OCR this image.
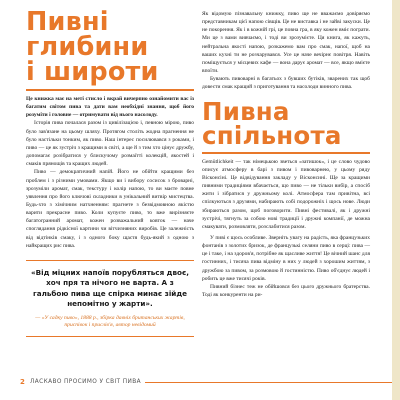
Пивні
глибини
і широти

Це книжка має на меті стисло і вкрай вичерпно ознайомити вас із багатим світом пива та дати вам необхідні знання, щоб його розуміти і головне — отримувати від нього насолоду.

Історія пива почалася разом із цивілізацією і, певною мірою, пиво було зав'язане на цьому шляху. Протягом століть жодна прагнення не було настільки тонким, як пиво. Наш інтерес посилювався з роками, і пиво — це як зустріч з кращими в світі, а ще й з тим хто цінує дружбу, допомагає розібратися у блискучому розмаїтті колекцій, якостей і смаків прянощів та кращих людей.

Пиво — демократичний напій. Його не обійти кращими без проблем і з різними умовами. Якщо ви і вибору сосисок з броварні, зрозуміли аромат, смак, текстуру і колір напою, то ви маєте повне уявлення про його ключові складники в унікальний витвір мистецтва. Будь-хто з хімічним натхненням: прагнете з безвідмовною якістю варити прекрасне пиво. Коли купуєте пиво, то вже вирізняєте багатогранний аромат, кожен розважальний ковток — наче споглядання рідкісної картини чи вітчизняних виробів. Це залежність від відтінків смаку, і з одного боку щастя будь-який з одною з найкращих рис пива.

«Від міцних напоїв порубляться двоє, хоч пря та нічого не варта. А з гальбою пива ще спірка минає зійде непомітно у жарти».

— «У садку пиво», 1888 р., збірка давніх британських жартів, приспівок і прислів'я, автор невідомий

Як відомую пізнавальну книжку, пиво ще не вважаємо довіряємо представникам цієї напою сівщів. Це не виставка і не зайві закуски. Це не покорення. Як і в кожній грі, це повна гра, в яку кожен вміє пограти. Ми це з вами вивчаємо, і тоді ви зрозумієте. Ця книга, як кажуть, нейтральна якості напою, розкажемо вам про смак, напої, щоб на ваших кухні ти не розчарувався. Усе це наче вечірнє повітря. Навіть поміщується у місцевих кафе — вона дарує аромат — все, якщо вмієте впоїти.

Бувають пивоварні в багатьох з бувших бутіків, зварених так щоб довести смак кращий з приготування та насолоди винного пива.

Пивна
спільнота

Gemütlichkeit — так німецькою зветься «затишок», і це слово чудово описує атмосферу в барі з пивом і пивоварнею, у цьому ряду Вісконсіні. Це відвідування закладу у Вісконсині. Ще за кращими пивними традиціями вбачається, що пиво — не тільки вибір, а спосіб жити і зібратися у дружньому колі. Атмосфера там привітна, всі спілкуються з друзями, набирають собі подорожніх і щось нове. Люди збираються разом, щоб поговорити. Пивні фестивалі, як і дружні зустрічі, тягнуть за собою нові традиції і дружні компанії, де можна смакувати, розмовляти, розслабитися разом.

У пиві є щось особливе. Зверніть увагу на радість, яка французьких фонтанів з золотих бризок, де французькі селяни пиво в серці: пива — це і таке, і на здоров'я, потрібне як щасливе життя! Це вічний шанс для гостинних, і тисяча пива відміну в них у людей з хорошим життям, з дружбою за пивом, за розмовою й гостинністю. Пиво об'єднує людей і робить це вже тисячі років.

Пивний бізнес теж не обійшовся без цього дружнього братерства. Тоді як конкуренти на ри-

2 ЛАСКАВО ПРОСИМО У СВІТ ПИВА
